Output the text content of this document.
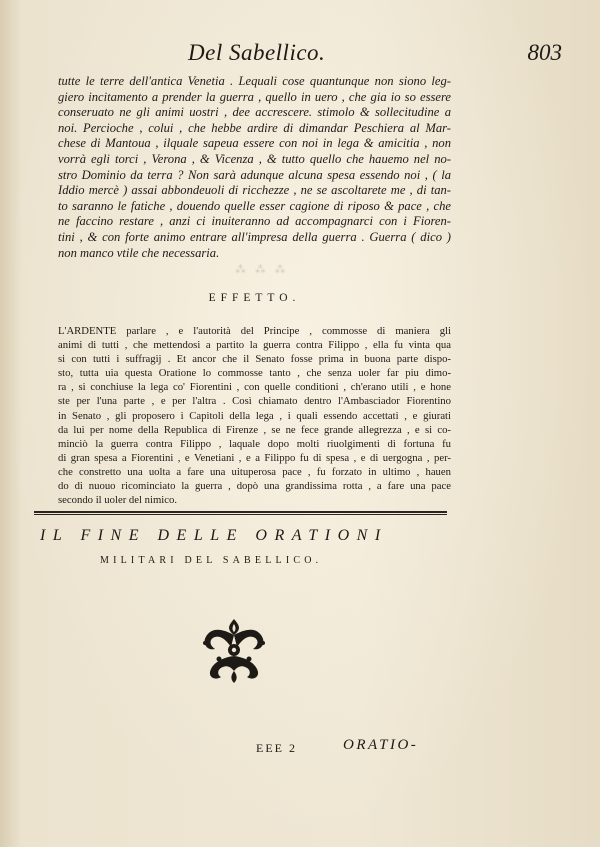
⁂ ⁂ ⁂
Del Sabellico.	803
tutte le terre dell'antica Venetia . Lequali cose quantunque non siono leg-
giero incitamento a prender la guerra , quello in uero , che gia io so essere
conseruato ne gli animi uostri , dee accrescere. stimolo & sollecitudine a
noi. Percioche , colui , che hebbe ardire di dimandar Peschiera al Mar-
chese di Mantoua , ilquale sapeua essere con noi in lega & amicitia , non
vorrà egli torci , Verona , & Vicenza , & tutto quello che hauemo nel no-
stro Dominio da terra ? Non sarà adunque alcuna spesa essendo noi , ( la
Iddio mercè ) assai abbondeuoli di ricchezze , ne se ascoltarete me , di tan-
to saranno le fatiche , douendo quelle esser cagione di riposo & pace , che
ne faccino restare , anzi ci inuiteranno ad accompagnarci con i Fioren-
tini , & con forte animo entrare all'impresa della guerra . Guerra ( dico )
non manco vtile che necessaria.
EFFETTO.
L'ARDENTE parlare , e l'autorità del Principe , commosse di maniera gli
animi di tutti , che mettendosi a partito la guerra contra Filippo , ella fu vinta qua
si con tutti i suffragij . Et ancor che il Senato fosse prima in buona parte dispo-
sto, tutta uia questa Oratione lo commosse tanto , che senza uoler far piu dimo-
ra , si conchiuse la lega co' Fiorentini , con quelle conditioni , ch'erano utili , e hone
ste per l'una parte , e per l'altra . Così chiamato dentro l'Ambasciador Fiorentino
in Senato , gli proposero i Capitoli della lega , i quali essendo accettati , e giurati
da lui per nome della Republica di Firenze , se ne fece grande allegrezza , e si co-
minciò la guerra contra Filippo , laquale dopo molti riuolgimenti di fortuna fu
di gran spesa a Fiorentini , e Venetiani , e a Filippo fu di spesa , e di uergogna , per-
che constretto una uolta a fare una uituperosa pace , fu forzato in ultimo , hauen
do di nuouo ricominciato la guerra , dopò una grandissima rotta , a fare una pace
secondo il uoler del nimico.
IL FINE DELLE ORATIONI
MILITARI DEL SABELLICO.
EEE 2	ORATIO-
